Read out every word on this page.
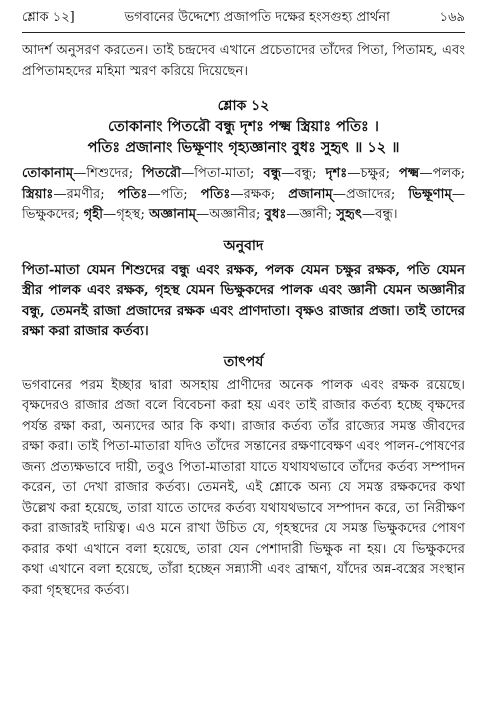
শ্লোক ১২]	ভগবানের উদ্দেশ্যে প্রজাপতি দক্ষের হংসগুহ্য প্রার্থনা	১৬৯

আদর্শ অনুসরণ করতেন। তাই চন্দ্রদেব এখানে প্রচেতাদের তাঁদের পিতা, পিতামহ, এবং প্রপিতামহদের মহিমা স্মরণ করিয়ে দিয়েছেন।

শ্লোক ১২
তোকানাং পিতরৌ বন্ধু দৃশঃ পক্ষ্ম স্ত্রিয়াঃ পতিঃ ।
পতিঃ প্রজানাং ভিক্ষূণাং গৃহ্যজ্ঞানাং বুধঃ সুহৃৎ ॥ ১২ ॥

তোকানাম্—শিশুদের; পিতরৌ—পিতা-মাতা; বন্ধু—বন্ধু; দৃশঃ—চক্ষুর; পক্ষ্ম—পলক; স্ত্রিয়াঃ—রমণীর; পতিঃ—পতি; পতিঃ—রক্ষক; প্রজানাম্—প্রজাদের; ভিক্ষূণাম্—ভিক্ষুকদের; গৃহী—গৃহস্থ; অজ্ঞানাম্—অজ্ঞানীর; বুধঃ—জ্ঞানী; সুহৃৎ—বন্ধু।

অনুবাদ

পিতা-মাতা যেমন শিশুদের বন্ধু এবং রক্ষক, পলক যেমন চক্ষুর রক্ষক, পতি যেমন স্ত্রীর পালক এবং রক্ষক, গৃহস্থ যেমন ভিক্ষুকদের পালক এবং জ্ঞানী যেমন অজ্ঞানীর বন্ধু, তেমনই রাজা প্রজাদের রক্ষক এবং প্রাণদাতা। বৃক্ষও রাজার প্রজা। তাই তাদের রক্ষা করা রাজার কর্তব্য।

তাৎপর্য

ভগবানের পরম ইচ্ছার দ্বারা অসহায় প্রাণীদের অনেক পালক এবং রক্ষক রয়েছে। বৃক্ষদেরও রাজার প্রজা বলে বিবেচনা করা হয় এবং তাই রাজার কর্তব্য হচ্ছে বৃক্ষদের পর্যন্ত রক্ষা করা, অন্যদের আর কি কথা। রাজার কর্তব্য তাঁর রাজ্যের সমস্ত জীবদের রক্ষা করা। তাই পিতা-মাতারা যদিও তাঁদের সন্তানের রক্ষণাবেক্ষণ এবং পালন-পোষণের জন্য প্রত্যক্ষভাবে দায়ী, তবুও পিতা-মাতারা যাতে যথাযথভাবে তাঁদের কর্তব্য সম্পাদন করেন, তা দেখা রাজার কর্তব্য। তেমনই, এই শ্লোকে অন্য যে সমস্ত রক্ষকদের কথা উল্লেখ করা হয়েছে, তারা যাতে তাদের কর্তব্য যথাযথভাবে সম্পাদন করে, তা নিরীক্ষণ করা রাজারই দায়িত্ব। এও মনে রাখা উচিত যে, গৃহস্থদের যে সমস্ত ভিক্ষুকদের পোষণ করার কথা এখানে বলা হয়েছে, তারা যেন পেশাদারী ভিক্ষুক না হয়। যে ভিক্ষুকদের কথা এখানে বলা হয়েছে, তাঁরা হচ্ছেন সন্ন্যাসী এবং ব্রাহ্মণ, যাঁদের অন্ন-বস্ত্রের সংস্থান করা গৃহস্থদের কর্তব্য।
